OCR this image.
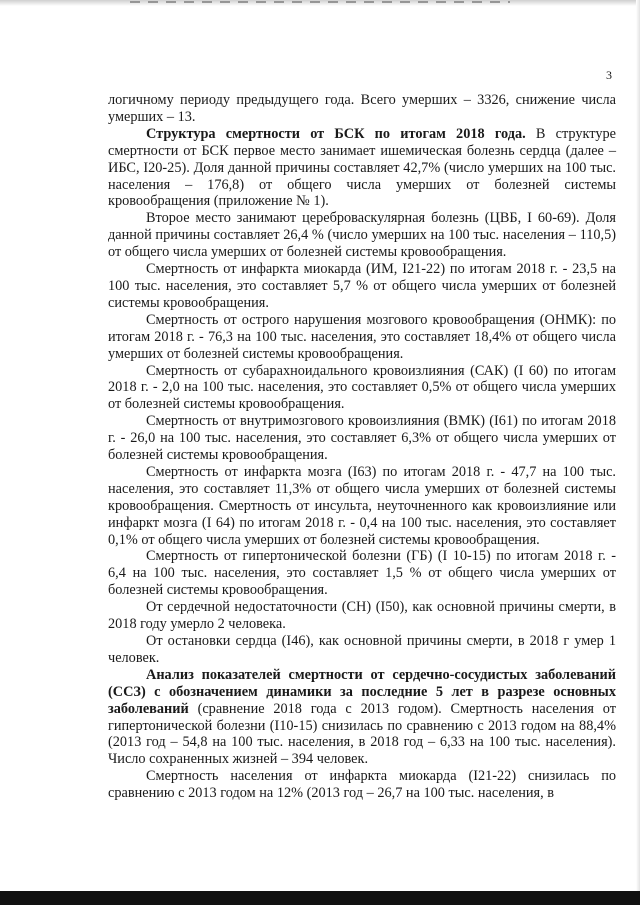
3

логичному периоду предыдущего года. Всего умерших – 3326, снижение числа умерших – 13.

Структура смертности от БСК по итогам 2018 года. В структуре смертности от БСК первое место занимает ишемическая болезнь сердца (далее – ИБС, I20-25). Доля данной причины составляет 42,7% (число умерших на 100 тыс. населения – 176,8) от общего числа умерших от болезней системы кровообращения (приложение № 1).

Второе место занимают цереброваскулярная болезнь (ЦВБ, I 60-69). Доля данной причины составляет 26,4 % (число умерших на 100 тыс. населения – 110,5) от общего числа умерших от болезней системы кровообращения.

Смертность от инфаркта миокарда (ИМ, I21-22) по итогам 2018 г. - 23,5 на 100 тыс. населения, это составляет 5,7 % от общего числа умерших от болезней системы кровообращения.

Смертность от острого нарушения мозгового кровообращения (ОНМК): по итогам 2018 г. - 76,3 на 100 тыс. населения, это составляет 18,4% от общего числа умерших от болезней системы кровообращения.

Смертность от субарахноидального кровоизлияния (САК) (I 60) по итогам 2018 г. - 2,0 на 100 тыс. населения, это составляет 0,5% от общего числа умерших от болезней системы кровообращения.

Смертность от внутримозгового кровоизлияния (ВМК) (I61) по итогам 2018 г. - 26,0 на 100 тыс. населения, это составляет 6,3% от общего числа умерших от болезней системы кровообращения.

Смертность от инфаркта мозга (I63) по итогам 2018 г. - 47,7 на 100 тыс. населения, это составляет 11,3% от общего числа умерших от болезней системы кровообращения. Смертность от инсульта, неуточненного как кровоизлияние или инфаркт мозга (I 64) по итогам 2018 г. - 0,4 на 100 тыс. населения, это составляет 0,1% от общего числа умерших от болезней системы кровообращения.

Смертность от гипертонической болезни (ГБ) (I 10-15) по итогам 2018 г. - 6,4 на 100 тыс. населения, это составляет 1,5 % от общего числа умерших от болезней системы кровообращения.

От сердечной недостаточности (СН) (I50), как основной причины смерти, в 2018 году умерло 2 человека.

От остановки сердца (I46), как основной причины смерти, в 2018 г умер 1 человек.

Анализ показателей смертности от сердечно-сосудистых заболеваний (ССЗ) с обозначением динамики за последние 5 лет в разрезе основных заболеваний (сравнение 2018 года с 2013 годом). Смертность населения от гипертонической болезни (I10-15) снизилась по сравнению с 2013 годом на 88,4% (2013 год – 54,8 на 100 тыс. населения, в 2018 год – 6,33 на 100 тыс. населения). Число сохраненных жизней – 394 человек.

Смертность населения от инфаркта миокарда (I21-22) снизилась по сравнению с 2013 годом на 12% (2013 год – 26,7 на 100 тыс. населения, в
